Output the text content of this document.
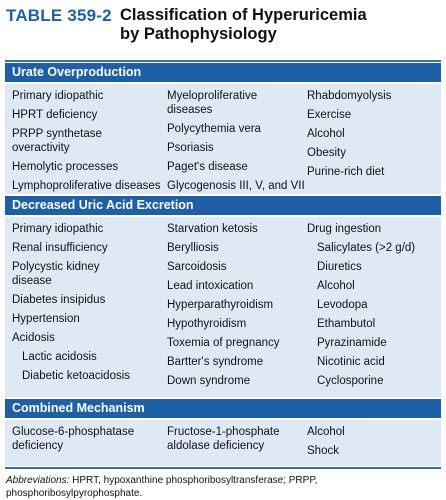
TABLE 359-2 Classification of Hyperuricemia
by Pathophysiology
Urate Overproduction
Primary idiopathic
HPRT deficiency
PRPP synthetase overactivity
Hemolytic processes
Lymphoproliferative diseases
Myeloproliferative diseases
Polycythemia vera
Psoriasis
Paget's disease
Glycogenosis III, V, and VII
Rhabdomyolysis
Exercise
Alcohol
Obesity
Purine-rich diet
Decreased Uric Acid Excretion
Primary idiopathic
Renal insufficiency
Polycystic kidney disease
Diabetes insipidus
Hypertension
Acidosis
Lactic acidosis
Diabetic ketoacidosis
Starvation ketosis
Berylliosis
Sarcoidosis
Lead intoxication
Hyperparathyroidism
Hypothyroidism
Toxemia of pregnancy
Bartter's syndrome
Down syndrome
Drug ingestion
Salicylates (>2 g/d)
Diuretics
Alcohol
Levodopa
Ethambutol
Pyrazinamide
Nicotinic acid
Cyclosporine
Combined Mechanism
Glucose-6-phosphatase deficiency
Fructose-1-phosphate aldolase deficiency
Alcohol
Shock
Abbreviations: HPRT, hypoxanthine phosphoribosyltransferase; PRPP, phosphoribosylpyrophosphate.
